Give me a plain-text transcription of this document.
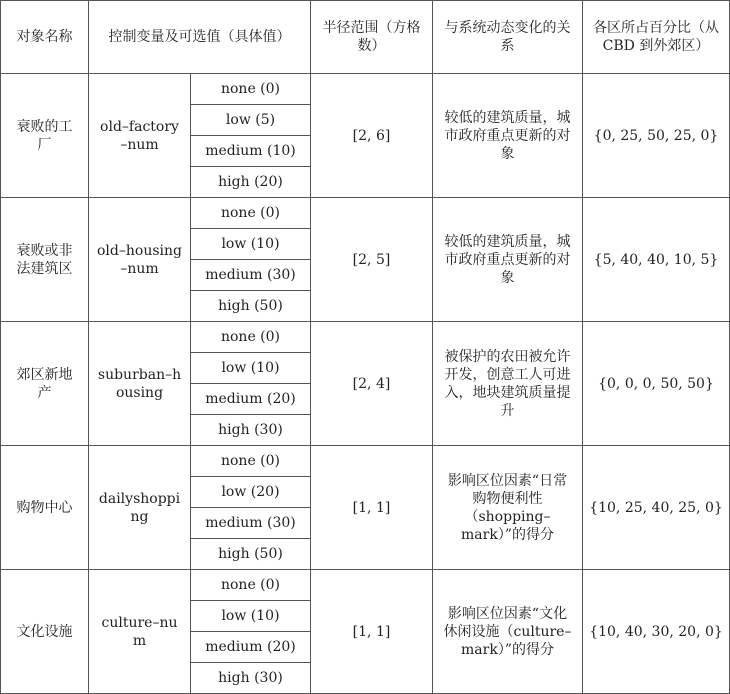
对象名称	控制变量及可选值（具体值）		半径范围（方格数）	与系统动态变化的关系	各区所占百分比（从 CBD 到外郊区）
衰败的工厂	old–factory–num	none (0)	[2, 6]	较低的建筑质量，城市政府重点更新的对象	{0, 25, 50, 25, 0}
		low (5)			
		medium (10)			
		high (20)			
衰败或非法建筑区	old–housing–num	none (0)	[2, 5]	较低的建筑质量，城市政府重点更新的对象	{5, 40, 40, 10, 5}
		low (10)			
		medium (30)			
		high (50)			
郊区新地产	suburban–housing	none (0)	[2, 4]	被保护的农田被允许开发，创意工人可进入，地块建筑质量提升	{0, 0, 0, 50, 50}
		low (10)			
		medium (20)			
		high (30)			
购物中心	dailyshopping	none (0)	[1, 1]	影响区位因素“日常购物便利性（shopping–mark）”的得分	{10, 25, 40, 25, 0}
		low (20)			
		medium (30)			
		high (50)			
文化设施	culture–num	none (0)	[1, 1]	影响区位因素“文化休闲设施（culture–mark）”的得分	{10, 40, 30, 20, 0}
		low (10)			
		medium (20)			
		high (30)			
